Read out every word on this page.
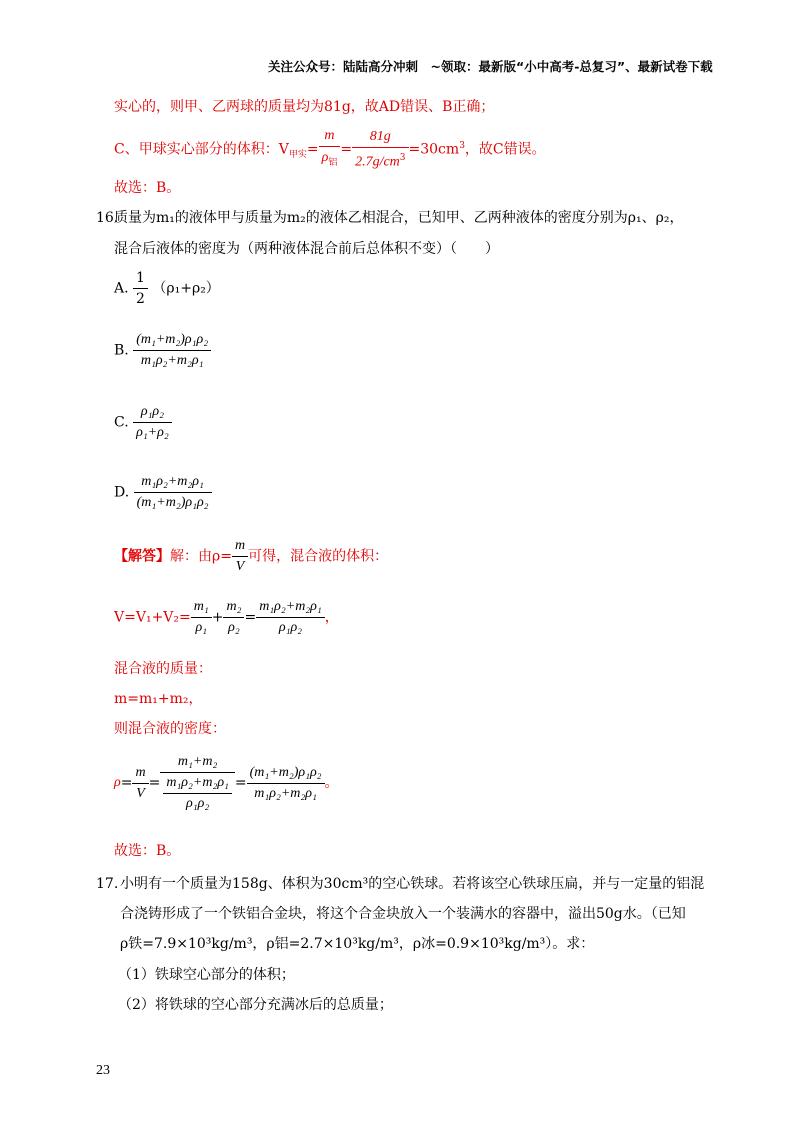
关注公众号：陆陆高分冲刺　~领取：最新版“小中高考-总复习”、最新试卷下载
实心的，则甲、乙两球的质量均为81g，故AD错误、B正确；
C、甲球实心部分的体积：$V_{甲实}= \frac{m}{\rho_铝} = \frac{81g}{2.7g/cm^3} =30cm^3$，故C错误。
故选：B。
16.
质量为m₁的液体甲与质量为m₂的液体乙相混合，已知甲、乙两种液体的密度分别为ρ₁、ρ₂，
混合后液体的密度为（两种液体混合前后总体积不变）（　　）
A. $\frac{1}{2} (\rho_1+\rho_2)$
B. $\frac{\text{(m₁+m₂)ρ₁ρ₂}}{\text{m₁ρ₂+m₂ρ₁}}$
C. $\frac{\text{ρ₁ρ₂}}{\text{ρ₁+ρ₂}}$
D. $\frac{\text{m₁ρ₂+m₂ρ₁}}{\text{(m₁+m₂)ρ₁ρ₂}}$
【解答】解：由$\rho= \frac{m}{V}$ 可得，混合液的体积：
$V=V_1+V_2= \frac{\text{m₁}}{\text{ρ₁}} + \frac{\text{m₂}}{\text{ρ₂}} = \frac{\text{m₁ρ₂+m₂ρ₁}}{\text{ρ₁ρ₂}}$ ，
混合液的质量：
m=m₁+m₂，
则混合液的密度：
$\rho= \frac{m}{V} = \frac{\text{m₁+m₂}}{\frac{\text{m₁ρ₂+m₂ρ₁}}{\text{ρ₁ρ₂}}} = \frac{\text{(m₁+m₂)ρ₁ρ₂}}{\text{m₁ρ₂+m₂ρ₁}}$ 。
故选：B。
17. 小明有一个质量为158g、体积为30cm³的空心铁球。若将该空心铁球压扁，并与一定量的铝混
合浇铸形成了一个铁铝合金块，将这个合金块放入一个装满水的容器中，溢出50g水。（已知
ρ铁=7.9×10³kg/m³，ρ铝=2.7×10³kg/m³，ρ冰=0.9×10³kg/m³）。求：
（1）铁球空心部分的体积；
（2）将铁球的空心部分充满冰后的总质量；
23
